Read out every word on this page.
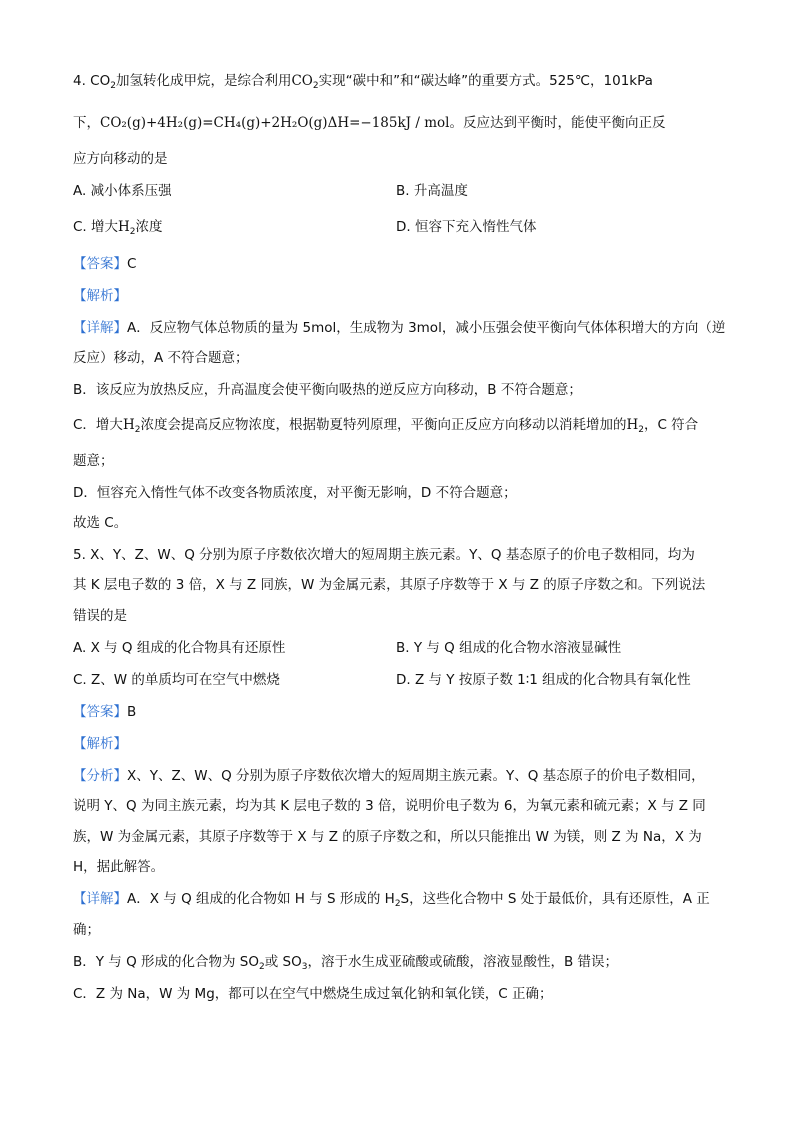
4. $CO_2$加氢转化成甲烷，是综合利用$CO_2$实现“碳中和”和“碳达峰”的重要方式。525℃，101kPa
下，CO₂(g)+4H₂(g)=CH₄(g)+2H₂O(g)ΔH=−185kJ / mol。反应达到平衡时，能使平衡向正反
应方向移动的是
A. 减小体系压强	B. 升高温度
C. 增大$H_2$浓度	D. 恒容下充入惰性气体
【答案】C
【解析】
【详解】A．反应物气体总物质的量为 5mol，生成物为 3mol，减小压强会使平衡向气体体积增大的方向（逆
反应）移动，A 不符合题意；
B．该反应为放热反应，升高温度会使平衡向吸热的逆反应方向移动，B 不符合题意；
C．增大$H_2$浓度会提高反应物浓度，根据勒夏特列原理，平衡向正反应方向移动以消耗增加的$H_2$，C 符合
题意；
D．恒容充入惰性气体不改变各物质浓度，对平衡无影响，D 不符合题意；
故选 C。
5. X、Y、Z、W、Q 分别为原子序数依次增大的短周期主族元素。Y、Q 基态原子的价电子数相同，均为
其 K 层电子数的 3 倍，X 与 Z 同族，W 为金属元素，其原子序数等于 X 与 Z 的原子序数之和。下列说法
错误的是
A. X 与 Q 组成的化合物具有还原性	B. Y 与 Q 组成的化合物水溶液显碱性
C. Z、W 的单质均可在空气中燃烧	D. Z 与 Y 按原子数 1∶1 组成的化合物具有氧化性
【答案】B
【解析】
【分析】X、Y、Z、W、Q 分别为原子序数依次增大的短周期主族元素。Y、Q 基态原子的价电子数相同，
说明 Y、Q 为同主族元素，均为其 K 层电子数的 3 倍，说明价电子数为 6，为氧元素和硫元素；X 与 Z 同
族，W 为金属元素，其原子序数等于 X 与 Z 的原子序数之和，所以只能推出 W 为镁，则 Z 为 Na，X 为
H，据此解答。
【详解】A．X 与 Q 组成的化合物如 H 与 S 形成的 $H_2S$，这些化合物中 S 处于最低价，具有还原性，A 正
确；
B．Y 与 Q 形成的化合物为 $SO_2$或 $SO_3$，溶于水生成亚硫酸或硫酸，溶液显酸性，B 错误；
C．Z 为 Na，W 为 Mg，都可以在空气中燃烧生成过氧化钠和氧化镁，C 正确；
